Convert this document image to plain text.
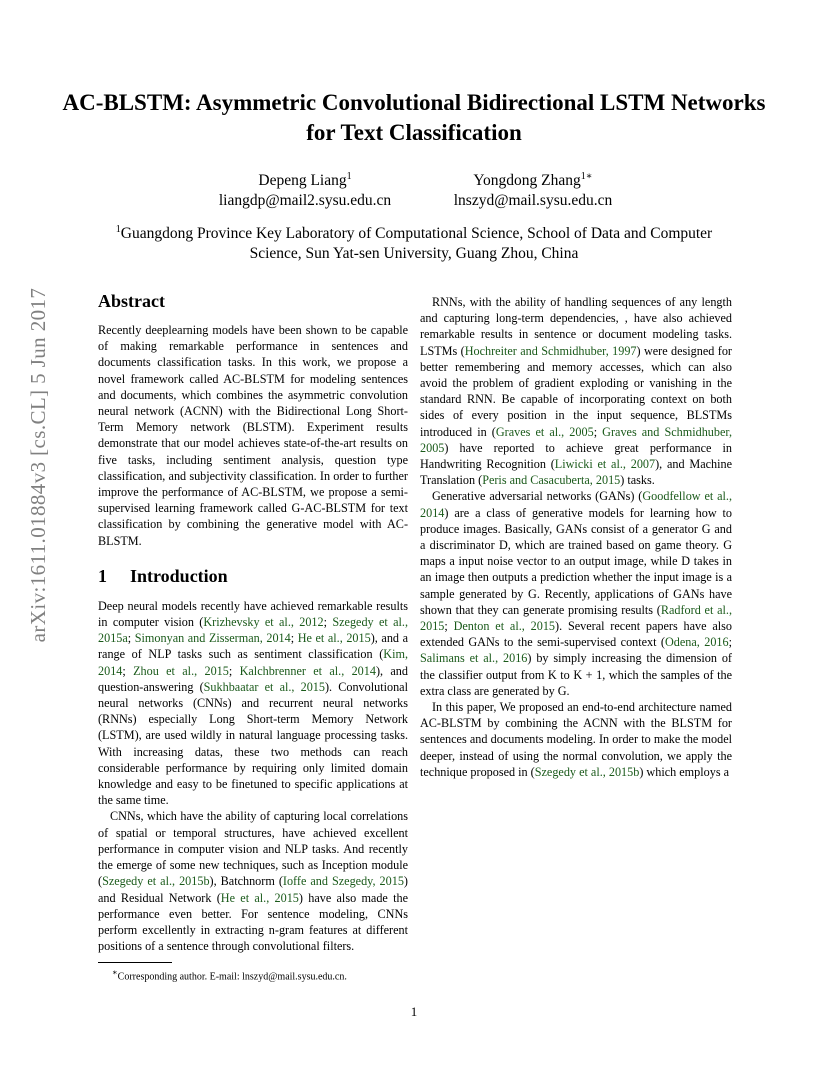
AC-BLSTM: Asymmetric Convolutional Bidirectional LSTM Networks for Text Classification
Depeng Liang$^1$
liangdp@mail2.sysu.edu.cn
Yongdong Zhang$^{1∗}$
lnszyd@mail.sysu.edu.cn
$^1$Guangdong Province Key Laboratory of Computational Science, School of Data and Computer Science, Sun Yat-sen University, Guang Zhou, China
arXiv:1611.01884v3 [cs.CL] 5 Jun 2017	Abstract

Recently deeplearning models have been shown to be capable of making remarkable performance in sentences and documents classification tasks. In this work, we propose a novel framework called AC-BLSTM for modeling sentences and documents, which combines the asymmetric convolution neural network (ACNN) with the Bidirectional Long Short-Term Memory network (BLSTM). Experiment results demonstrate that our model achieves state-of-the-art results on five tasks, including sentiment analysis, question type classification, and subjectivity classification. In order to further improve the performance of AC-BLSTM, we propose a semi-supervised learning framework called G-AC-BLSTM for text classification by combining the generative model with AC-BLSTM.

1 Introduction

Deep neural models recently have achieved remarkable results in computer vision (Krizhevsky et al., 2012; Szegedy et al., 2015a; Simonyan and Zisserman, 2014; He et al., 2015), and a range of NLP tasks such as sentiment classification (Kim, 2014; Zhou et al., 2015; Kalchbrenner et al., 2014), and question-answering (Sukhbaatar et al., 2015). Convolutional neural networks (CNNs) and recurrent neural networks (RNNs) especially Long Short-term Memory Network (LSTM), are used wildly in natural language processing tasks. With increasing datas, these two methods can reach considerable performance by requiring only limited domain knowledge and easy to be finetuned to specific applications at the same time.

CNNs, which have the ability of capturing local correlations of spatial or temporal structures, have achieved excellent performance in computer vision and NLP tasks. And recently the emerge of some new techniques, such as Inception module (Szegedy et al., 2015b), Batchnorm (Ioffe and Szegedy, 2015) and Residual Network (He et al., 2015) have also made the performance even better. For sentence modeling, CNNs perform excellently in extracting n-gram features at different positions of a sentence through convolutional filters.

RNNs, with the ability of handling sequences of any length and capturing long-term dependencies, , have also achieved remarkable results in sentence or document modeling tasks. LSTMs (Hochreiter and Schmidhuber, 1997) were designed for better remembering and memory accesses, which can also avoid the problem of gradient exploding or vanishing in the standard RNN. Be capable of incorporating context on both sides of every position in the input sequence, BLSTMs introduced in (Graves et al., 2005; Graves and Schmidhuber, 2005) have reported to achieve great performance in Handwriting Recognition (Liwicki et al., 2007), and Machine Translation (Peris and Casacuberta, 2015) tasks.

Generative adversarial networks (GANs) (Goodfellow et al., 2014) are a class of generative models for learning how to produce images. Basically, GANs consist of a generator G and a discriminator D, which are trained based on game theory. G maps a input noise vector to an output image, while D takes in an image then outputs a prediction whether the input image is a sample generated by G. Recently, applications of GANs have shown that they can generate promising results (Radford et al., 2015; Denton et al., 2015). Several recent papers have also extended GANs to the semi-supervised context (Odena, 2016; Salimans et al., 2016) by simply increasing the dimension of the classifier output from K to K + 1, which the samples of the extra class are generated by G.

In this paper, We proposed an end-to-end architecture named AC-BLSTM by combining the ACNN with the BLSTM for sentences and documents modeling. In order to make the model deeper, instead of using the normal convolution, we apply the technique proposed in (Szegedy et al., 2015b) which employs a

∗Corresponding author. E-mail: lnszyd@mail.sysu.edu.cn.
1
